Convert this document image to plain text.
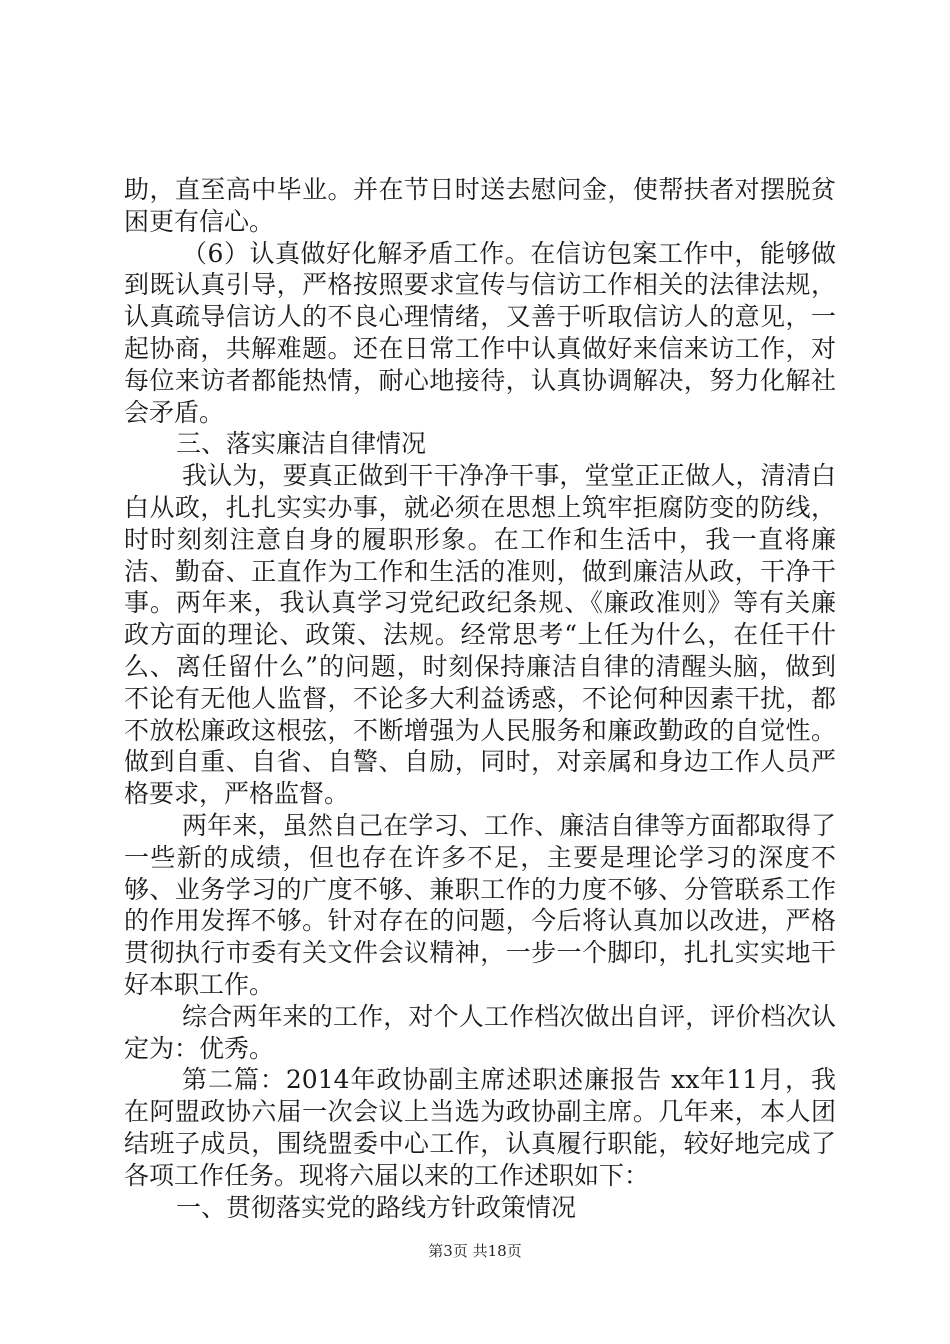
助，直至高中毕业。并在节日时送去慰问金，使帮扶者对摆脱贫困更有信心。

（6）认真做好化解矛盾工作。在信访包案工作中，能够做到既认真引导，严格按照要求宣传与信访工作相关的法律法规，认真疏导信访人的不良心理情绪，又善于听取信访人的意见，一起协商，共解难题。还在日常工作中认真做好来信来访工作，对每位来访者都能热情，耐心地接待，认真协调解决，努力化解社会矛盾。

三、落实廉洁自律情况

我认为，要真正做到干干净净干事，堂堂正正做人，清清白白从政，扎扎实实办事，就必须在思想上筑牢拒腐防变的防线，时时刻刻注意自身的履职形象。在工作和生活中，我一直将廉洁、勤奋、正直作为工作和生活的准则，做到廉洁从政，干净干事。两年来，我认真学习党纪政纪条规、《廉政准则》等有关廉政方面的理论、政策、法规。经常思考“上任为什么，在任干什么、离任留什么”的问题，时刻保持廉洁自律的清醒头脑，做到不论有无他人监督，不论多大利益诱惑，不论何种因素干扰，都不放松廉政这根弦，不断增强为人民服务和廉政勤政的自觉性。做到自重、自省、自警、自励，同时，对亲属和身边工作人员严格要求，严格监督。

两年来，虽然自己在学习、工作、廉洁自律等方面都取得了一些新的成绩，但也存在许多不足，主要是理论学习的深度不够、业务学习的广度不够、兼职工作的力度不够、分管联系工作的作用发挥不够。针对存在的问题，今后将认真加以改进，严格贯彻执行市委有关文件会议精神，一步一个脚印，扎扎实实地干好本职工作。

综合两年来的工作，对个人工作档次做出自评，评价档次认定为：优秀。

第二篇：2014年政协副主席述职述廉报告 xx年11月，我在阿盟政协六届一次会议上当选为政协副主席。几年来，本人团结班子成员，围绕盟委中心工作，认真履行职能，较好地完成了各项工作任务。现将六届以来的工作述职如下：

一、贯彻落实党的路线方针政策情况

第3页 共18页
